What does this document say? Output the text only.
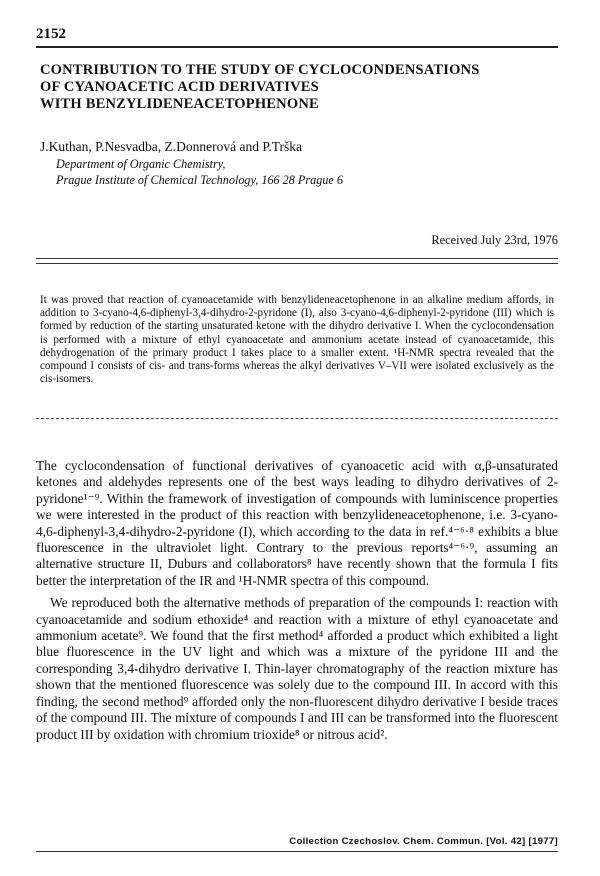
2152
CONTRIBUTION TO THE STUDY OF CYCLOCONDENSATIONS
OF CYANOACETIC ACID DERIVATIVES
WITH BENZYLIDENEACETOPHENONE
J.Kuthan, P.Nesvadba, Z.Donnerová and P.Trška
Department of Organic Chemistry,
Prague Institute of Chemical Technology, 166 28 Prague 6
Received July 23rd, 1976
It was proved that reaction of cyanoacetamide with benzylideneacetophenone in an alkaline medium affords, in addition to 3-cyano-4,6-diphenyl-3,4-dihydro-2-pyridone (I), also 3-cyano-4,6-diphenyl-2-pyridone (III) which is formed by reduction of the starting unsaturated ketone with the dihydro derivative I. When the cyclocondensation is performed with a mixture of ethyl cyanoacetate and ammonium acetate instead of cyanoacetamide, this dehydrogenation of the primary product I takes place to a smaller extent. ¹H-NMR spectra revealed that the compound I consists of cis- and trans-forms whereas the alkyl derivatives V–VII were isolated exclusively as the cis-isomers.

The cyclocondensation of functional derivatives of cyanoacetic acid with α,β-unsaturated ketones and aldehydes represents one of the best ways leading to dihydro derivatives of 2-pyridone¹⁻⁹. Within the framework of investigation of compounds with luminiscence properties we were interested in the product of this reaction with benzylideneacetophenone, i.e. 3-cyano-4,6-diphenyl-3,4-dihydro-2-pyridone (I), which according to the data in ref.⁴⁻⁶·⁸ exhibits a blue fluorescence in the ultraviolet light. Contrary to the previous reports⁴⁻⁶·⁹, assuming an alternative structure II, Duburs and collaborators⁸ have recently shown that the formula I fits better the interpretation of the IR and ¹H-NMR spectra of this compound.

We reproduced both the alternative methods of preparation of the compounds I: reaction with cyanoacetamide and sodium ethoxide⁴ and reaction with a mixture of ethyl cyanoacetate and ammonium acetate⁹. We found that the first method⁴ afforded a product which exhibited a light blue fluorescence in the UV light and which was a mixture of the pyridone III and the corresponding 3,4-dihydro derivative I. Thin-layer chromatography of the reaction mixture has shown that the mentioned fluorescence was solely due to the compound III. In accord with this finding, the second method⁹ afforded only the non-fluorescent dihydro derivative I beside traces of the compound III. The mixture of compounds I and III can be transformed into the fluorescent product III by oxidation with chromium trioxide⁸ or nitrous acid².

Collection Czechoslov. Chem. Commun. [Vol. 42] [1977]
